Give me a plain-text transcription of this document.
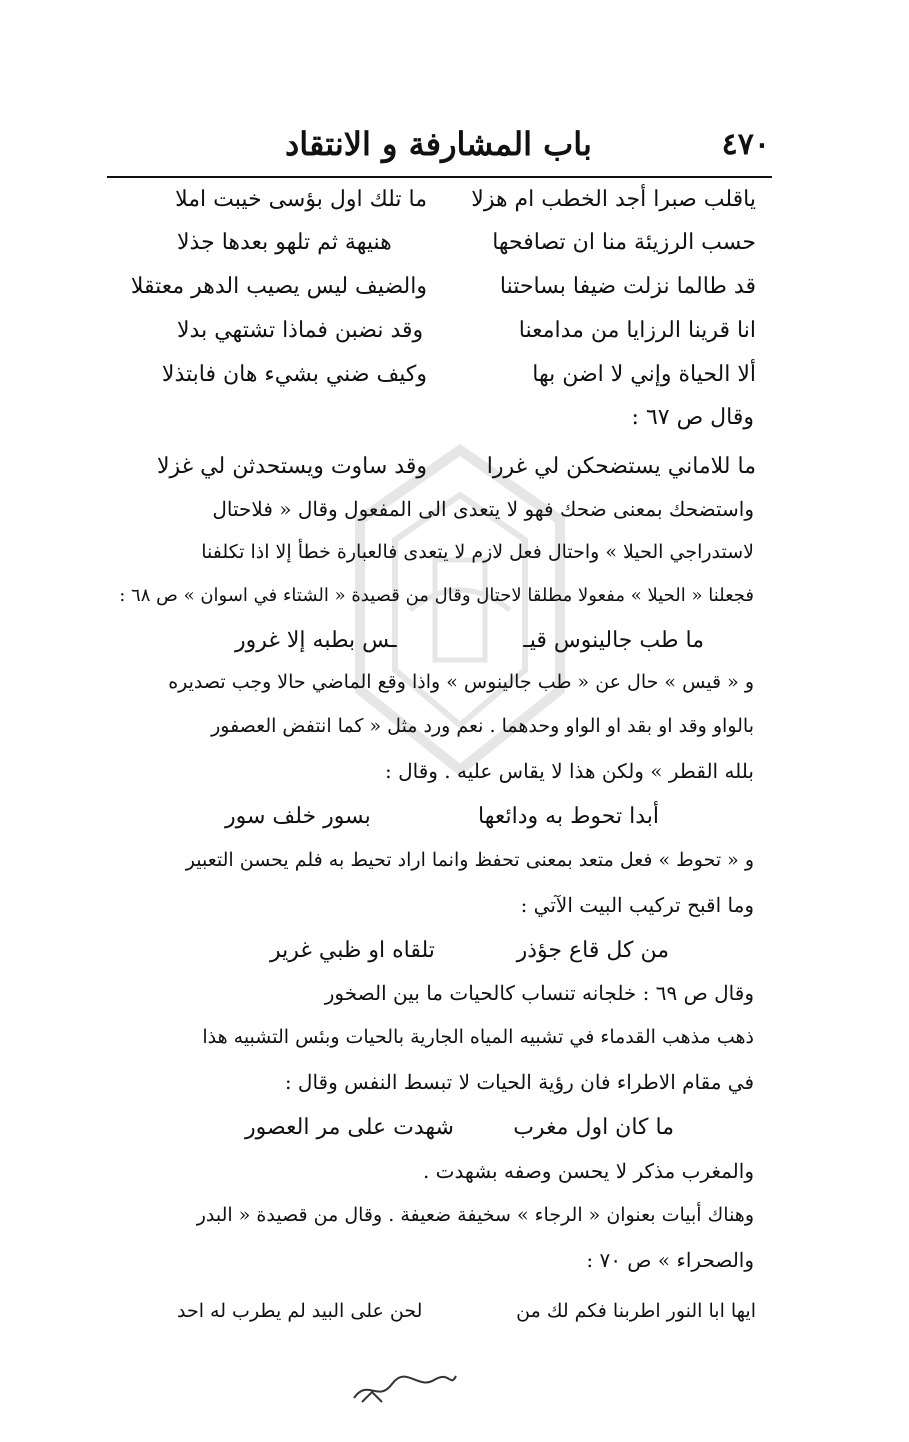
٤٧٠
باب المشارفة و الانتقاد
ياقلب صبرا أجد الخطب ام هزلا
ما تلك اول بؤسى خيبت املا
حسب الرزيئة منا ان تصافحها
هنيهة ثم تلهو بعدها جذلا
قد طالما نزلت ضيفا بساحتنا
والضيف ليس يصيب الدهر معتقلا
انا قرينا الرزايا من مدامعنا
وقد نضبن فماذا تشتهي بدلا
ألا الحياة وإني لا اضن بها
وكيف ضني بشيء هان فابتذلا
وقال ص ٦٧ :
ما للاماني يستضحكن لي غررا
وقد ساوت ويستحدثن لي غزلا
واستضحك بمعنى ضحك فهو لا يتعدى الى المفعول وقال « فلاحتال
لاستدراجي الحيلا » واحتال فعل لازم لا يتعدى فالعبارة خطأ إلا اذا تكلفنا
فجعلنا « الحيلا » مفعولا مطلقا لاحتال وقال من قصيدة « الشتاء في اسوان » ص ٦٨ :
ما طب جالينوس قيـ
ـس بطبه إلا غرور
و « قيس » حال عن « طب جالينوس » واذا وقع الماضي حالا وجب تصديره
بالواو وقد او بقد او الواو وحدهما . نعم ورد مثل « كما انتفض العصفور
بلله القطر » ولكن هذا لا يقاس عليه . وقال :
أبدا تحوط به ودائعها
بسور خلف سور
و « تحوط » فعل متعد بمعنى تحفظ وانما اراد تحيط به فلم يحسن التعبير
وما اقبح تركيب البيت الآتي :
من كل قاع جؤذر
تلقاه او ظبي غرير
وقال ص ٦٩ : خلجانه تنساب كالحيات ما بين الصخور
ذهب مذهب القدماء في تشبيه المياه الجارية بالحيات وبئس التشبيه هذا
في مقام الاطراء فان رؤية الحيات لا تبسط النفس وقال :
ما كان اول مغرب
شهدت على مر العصور
والمغرب مذكر لا يحسن وصفه بشهدت .
وهناك أبيات بعنوان « الرجاء » سخيفة ضعيفة . وقال من قصيدة « البدر
والصحراء » ص ٧٠ :
ايها ابا النور اطربنا فكم لك من
لحن على البيد لم يطرب له احد
